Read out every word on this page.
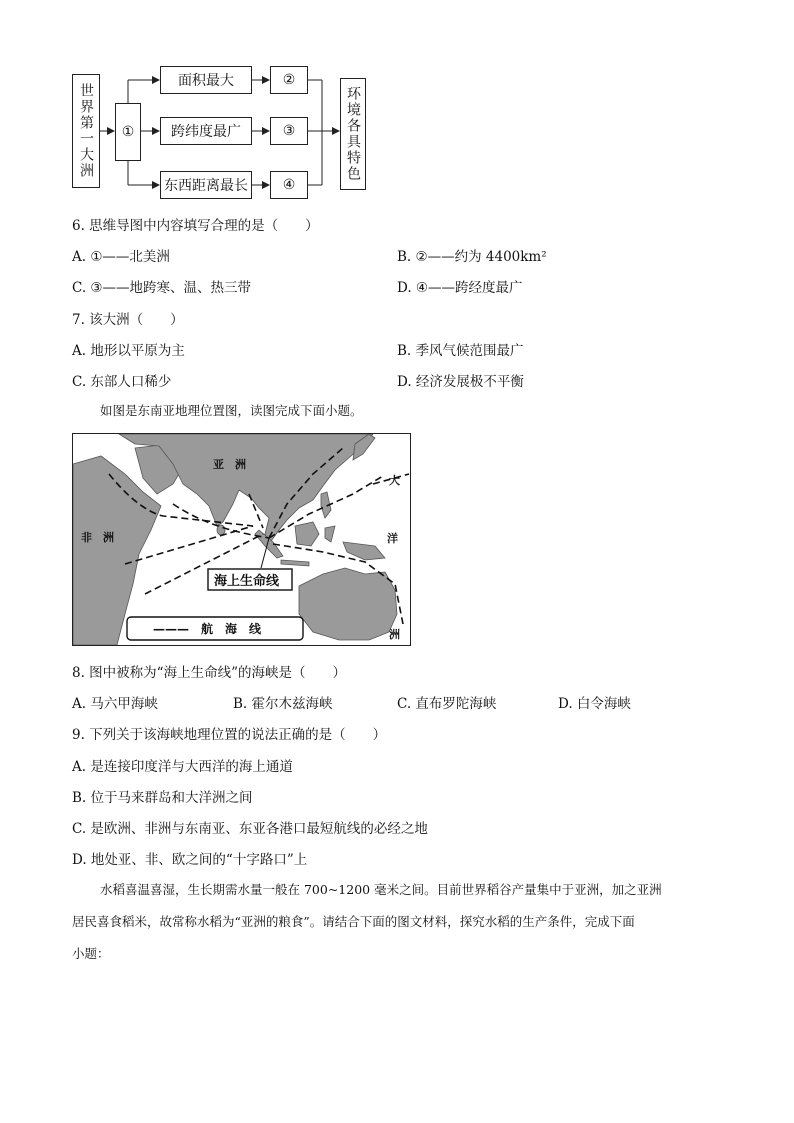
世界第一大洲 ①
面积最大
跨纬度最广
东西距离最长
②
③
④
环境各具特色
6. 思维导图中内容填写合理的是（　　）
A. ①——北美洲	B. ②——约为 4400km²
C. ③——地跨寒、温、热三带	D. ④——跨经度最广
7. 该大洲（　　）
A. 地形以平原为主	B. 季风气候范围最广
C. 东部人口稀少	D. 经济发展极不平衡
如图是东南亚地理位置图，读图完成下面小题。
亚　洲
非　洲
大
洋
洲
海上生命线
———　航　海　线
8. 图中被称为“海上生命线”的海峡是（　　）
A. 马六甲海峡	B. 霍尔木兹海峡	C. 直布罗陀海峡	D. 白令海峡
9. 下列关于该海峡地理位置的说法正确的是（　　）
A. 是连接印度洋与大西洋的海上通道
B. 位于马来群岛和大洋洲之间
C. 是欧洲、非洲与东南亚、东亚各港口最短航线的必经之地
D. 地处亚、非、欧之间的“十字路口”上
水稻喜温喜湿，生长期需水量一般在 700~1200 毫米之间。目前世界稻谷产量集中于亚洲，加之亚洲
居民喜食稻米，故常称水稻为“亚洲的粮食”。请结合下面的图文材料，探究水稻的生产条件，完成下面
小题：
